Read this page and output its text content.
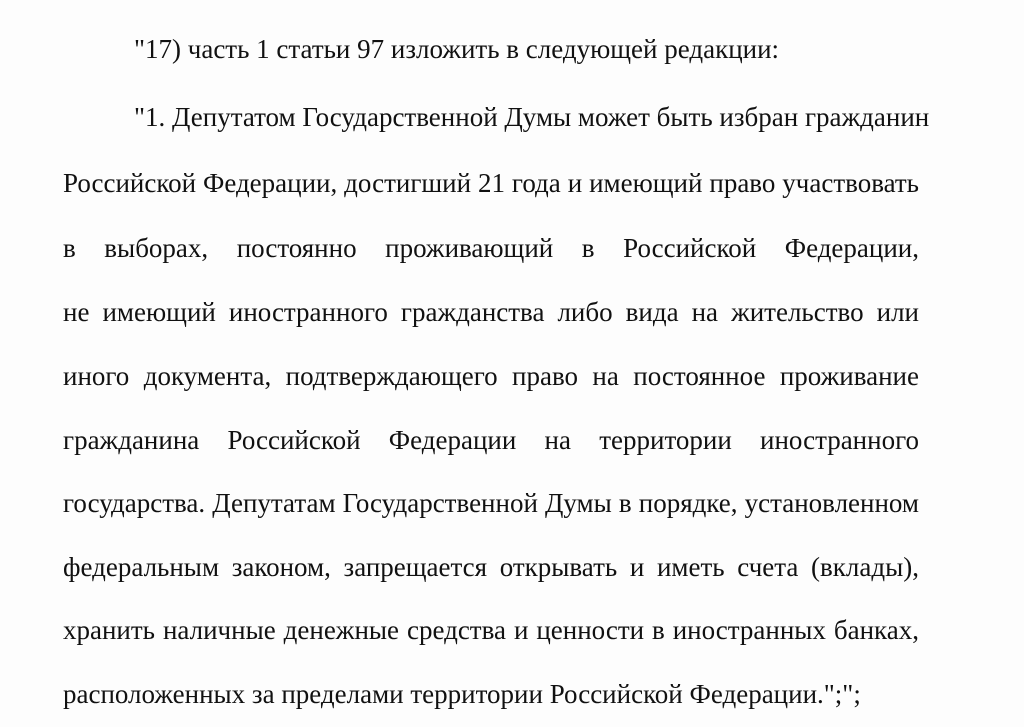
"17) часть 1 статьи 97 изложить в следующей редакции:
"1. Депутатом Государственной Думы может быть избран гражданин
Российской Федерации, достигший 21 года и имеющий право участвовать
в выборах, постоянно проживающий в Российской Федерации,
не имеющий иностранного гражданства либо вида на жительство или
иного документа, подтверждающего право на постоянное проживание
гражданина Российской Федерации на территории иностранного
государства. Депутатам Государственной Думы в порядке, установленном
федеральным законом, запрещается открывать и иметь счета (вклады),
хранить наличные денежные средства и ценности в иностранных банках,
расположенных за пределами территории Российской Федерации.";";
